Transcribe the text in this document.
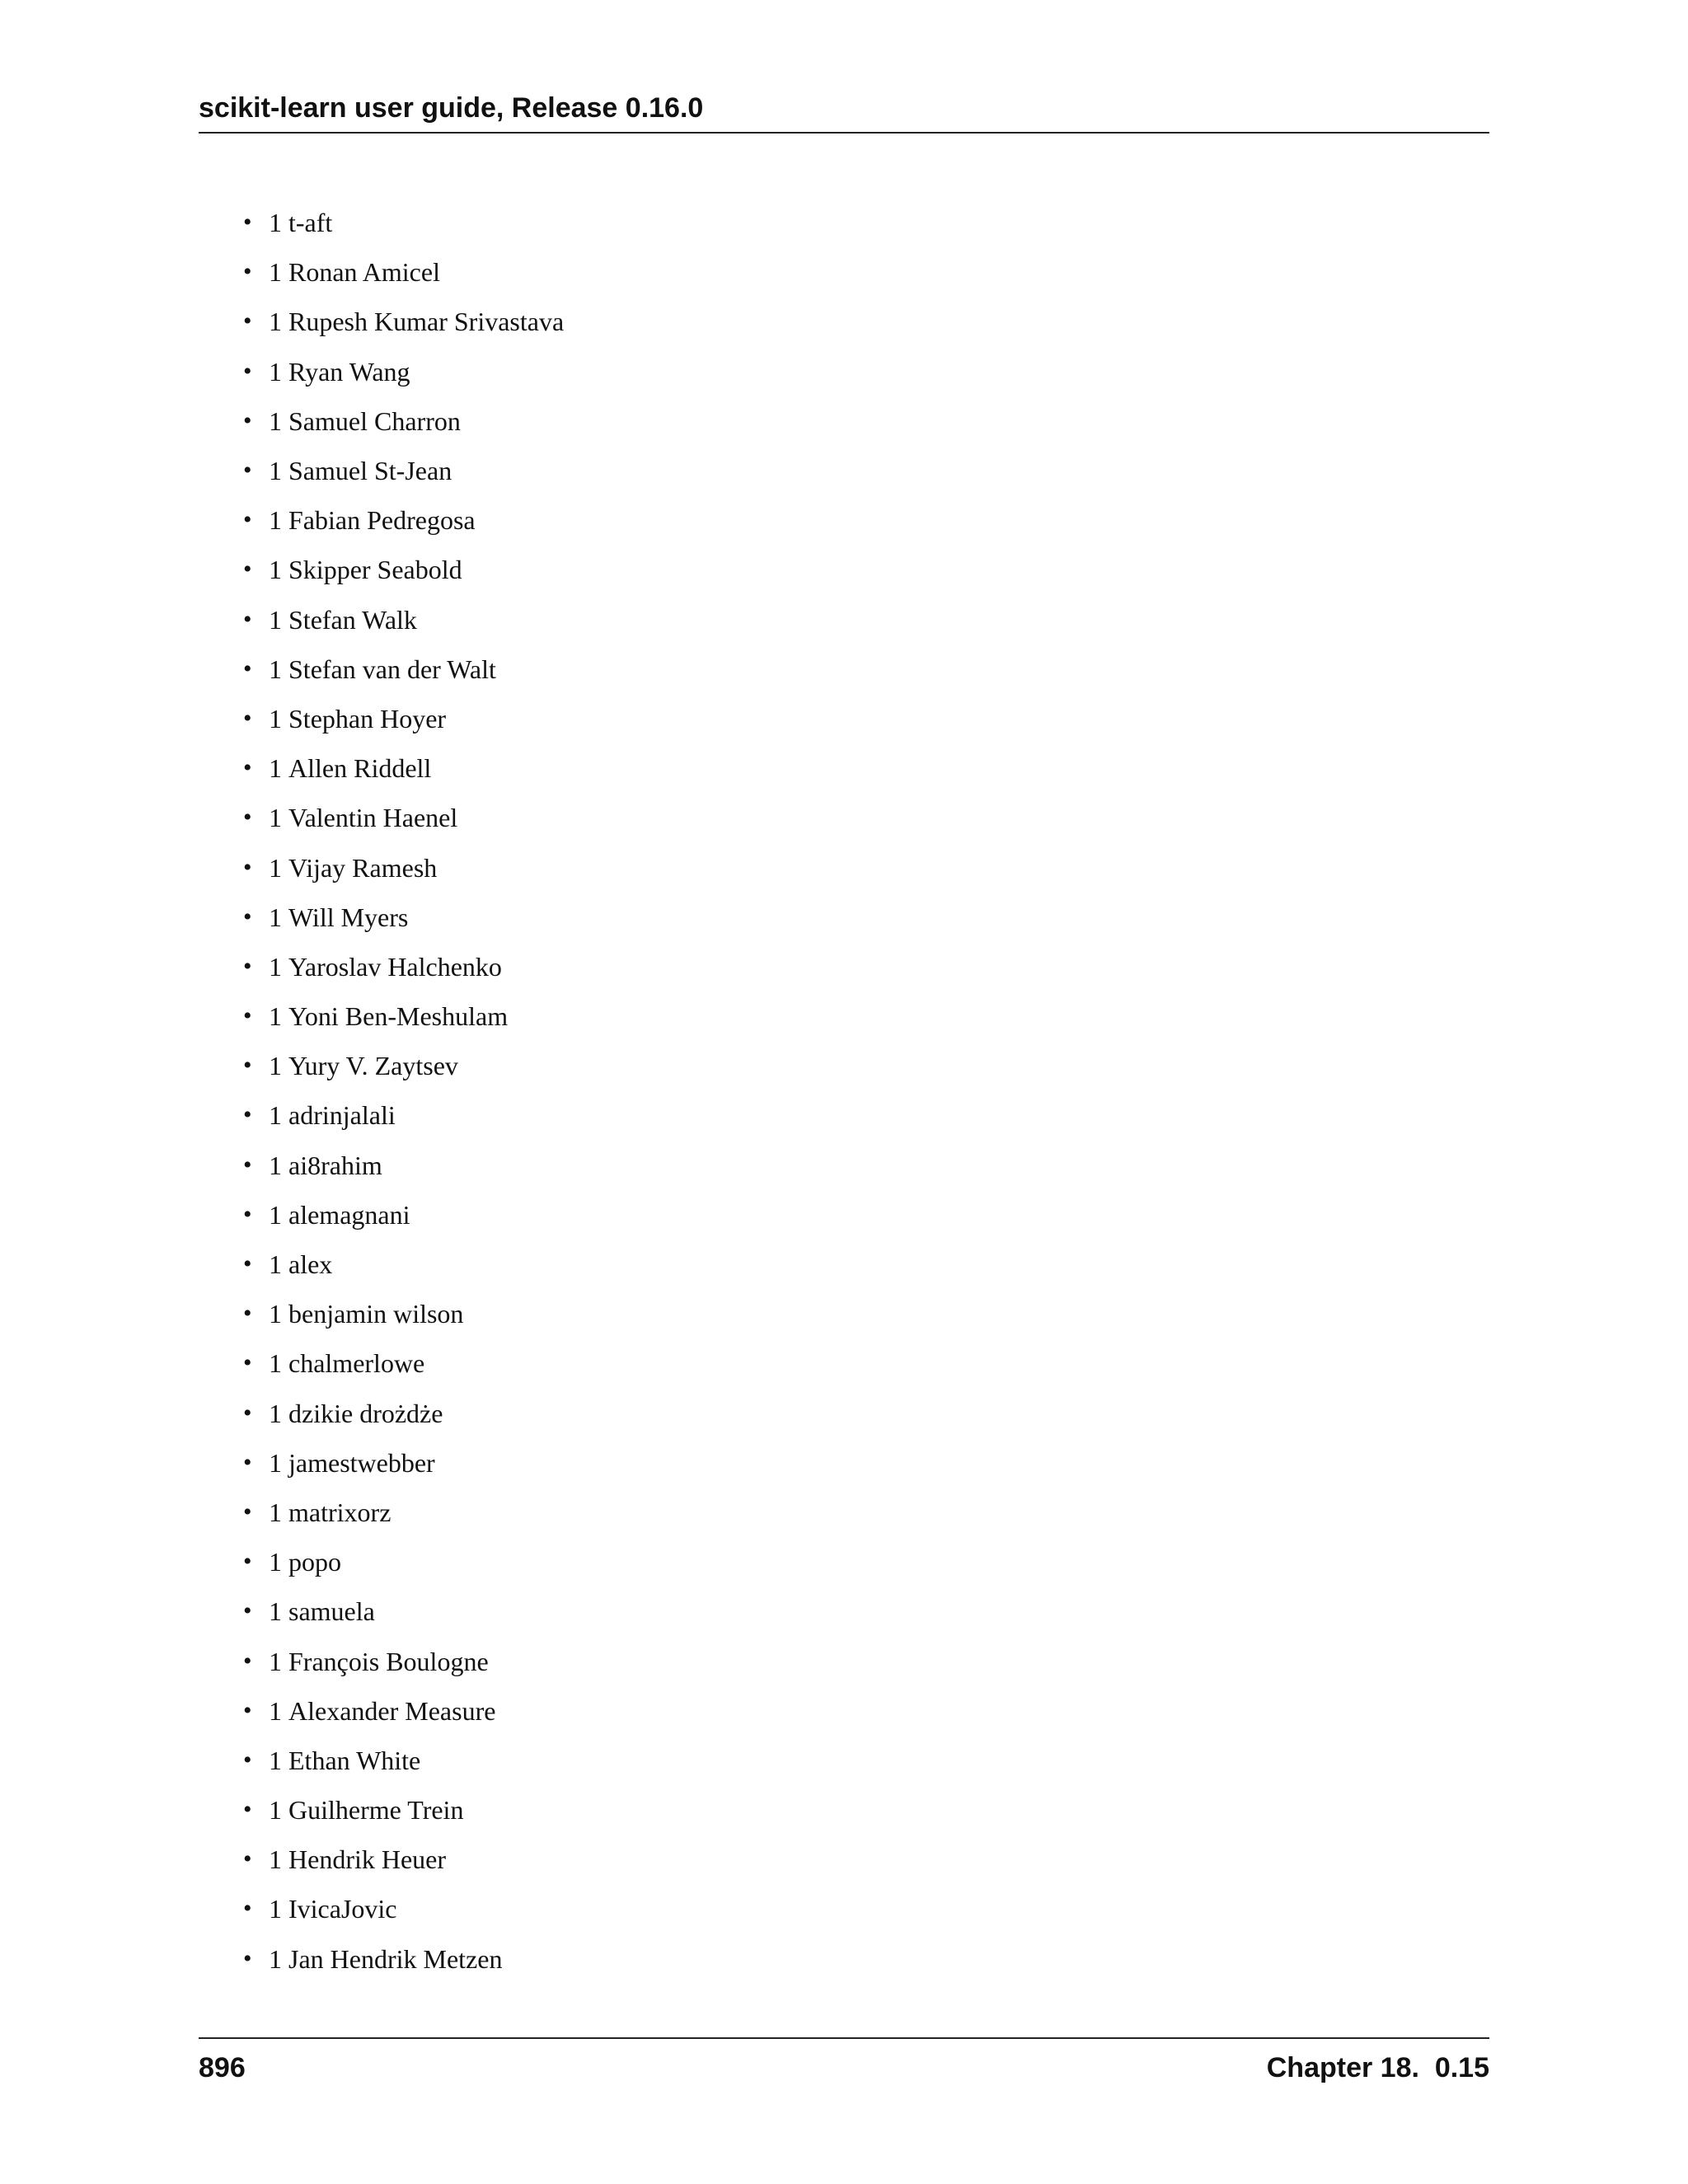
scikit-learn user guide, Release 0.16.0
• 1 t-aft
• 1 Ronan Amicel
• 1 Rupesh Kumar Srivastava
• 1 Ryan Wang
• 1 Samuel Charron
• 1 Samuel St-Jean
• 1 Fabian Pedregosa
• 1 Skipper Seabold
• 1 Stefan Walk
• 1 Stefan van der Walt
• 1 Stephan Hoyer
• 1 Allen Riddell
• 1 Valentin Haenel
• 1 Vijay Ramesh
• 1 Will Myers
• 1 Yaroslav Halchenko
• 1 Yoni Ben-Meshulam
• 1 Yury V. Zaytsev
• 1 adrinjalali
• 1 ai8rahim
• 1 alemagnani
• 1 alex
• 1 benjamin wilson
• 1 chalmerlowe
• 1 dzikie drożdże
• 1 jamestwebber
• 1 matrixorz
• 1 popo
• 1 samuela
• 1 François Boulogne
• 1 Alexander Measure
• 1 Ethan White
• 1 Guilherme Trein
• 1 Hendrik Heuer
• 1 IvicaJovic
• 1 Jan Hendrik Metzen
896	Chapter 18.  0.15
